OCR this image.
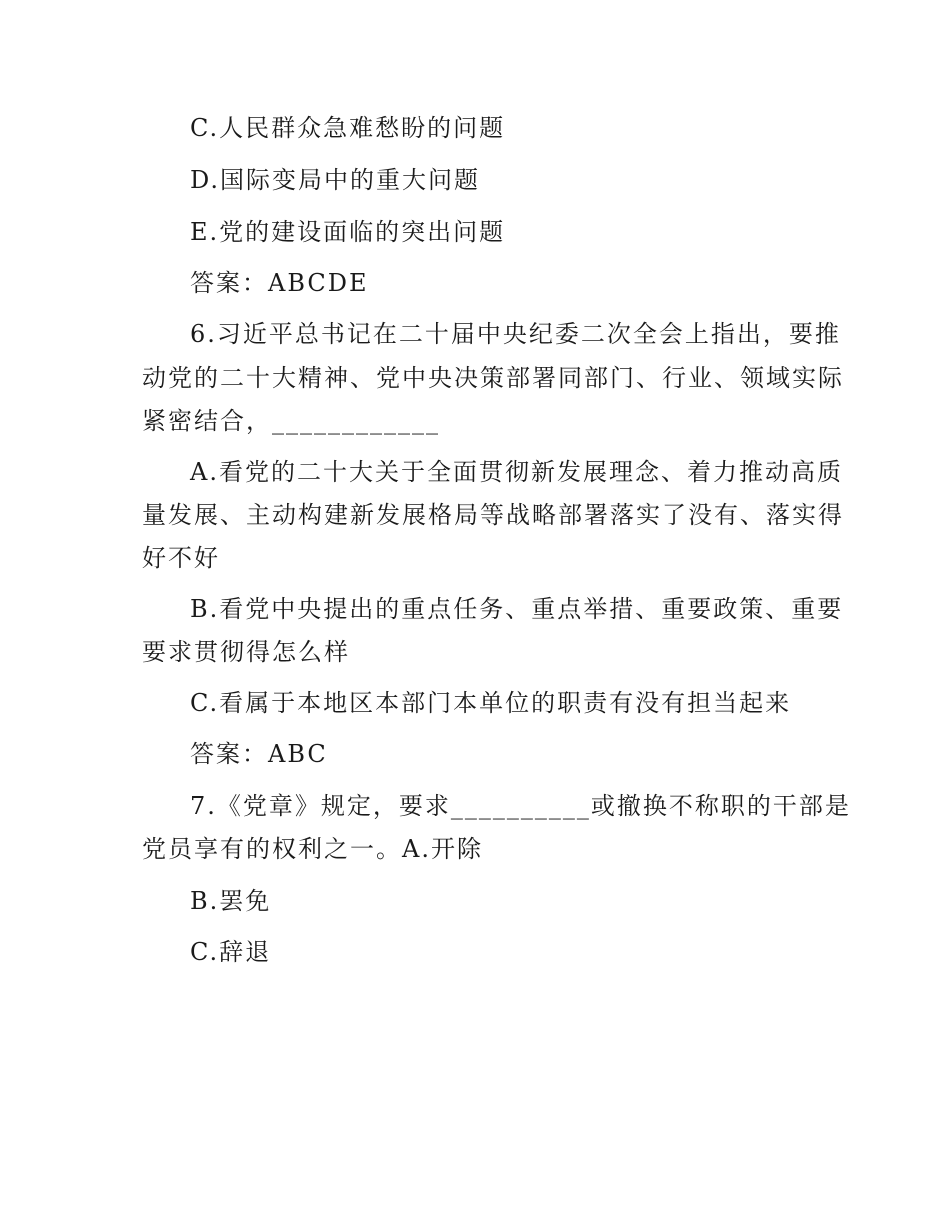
C.人民群众急难愁盼的问题
D.国际变局中的重大问题
E.党的建设面临的突出问题
答案：ABCDE
6.习近平总书记在二十届中央纪委二次全会上指出，要推
动党的二十大精神、党中央决策部署同部门、行业、领域实际
紧密结合，____________
A.看党的二十大关于全面贯彻新发展理念、着力推动高质
量发展、主动构建新发展格局等战略部署落实了没有、落实得
好不好
B.看党中央提出的重点任务、重点举措、重要政策、重要
要求贯彻得怎么样
C.看属于本地区本部门本单位的职责有没有担当起来
答案：ABC
7.《党章》规定，要求__________或撤换不称职的干部是
党员享有的权利之一。A.开除
B.罢免
C.辞退
